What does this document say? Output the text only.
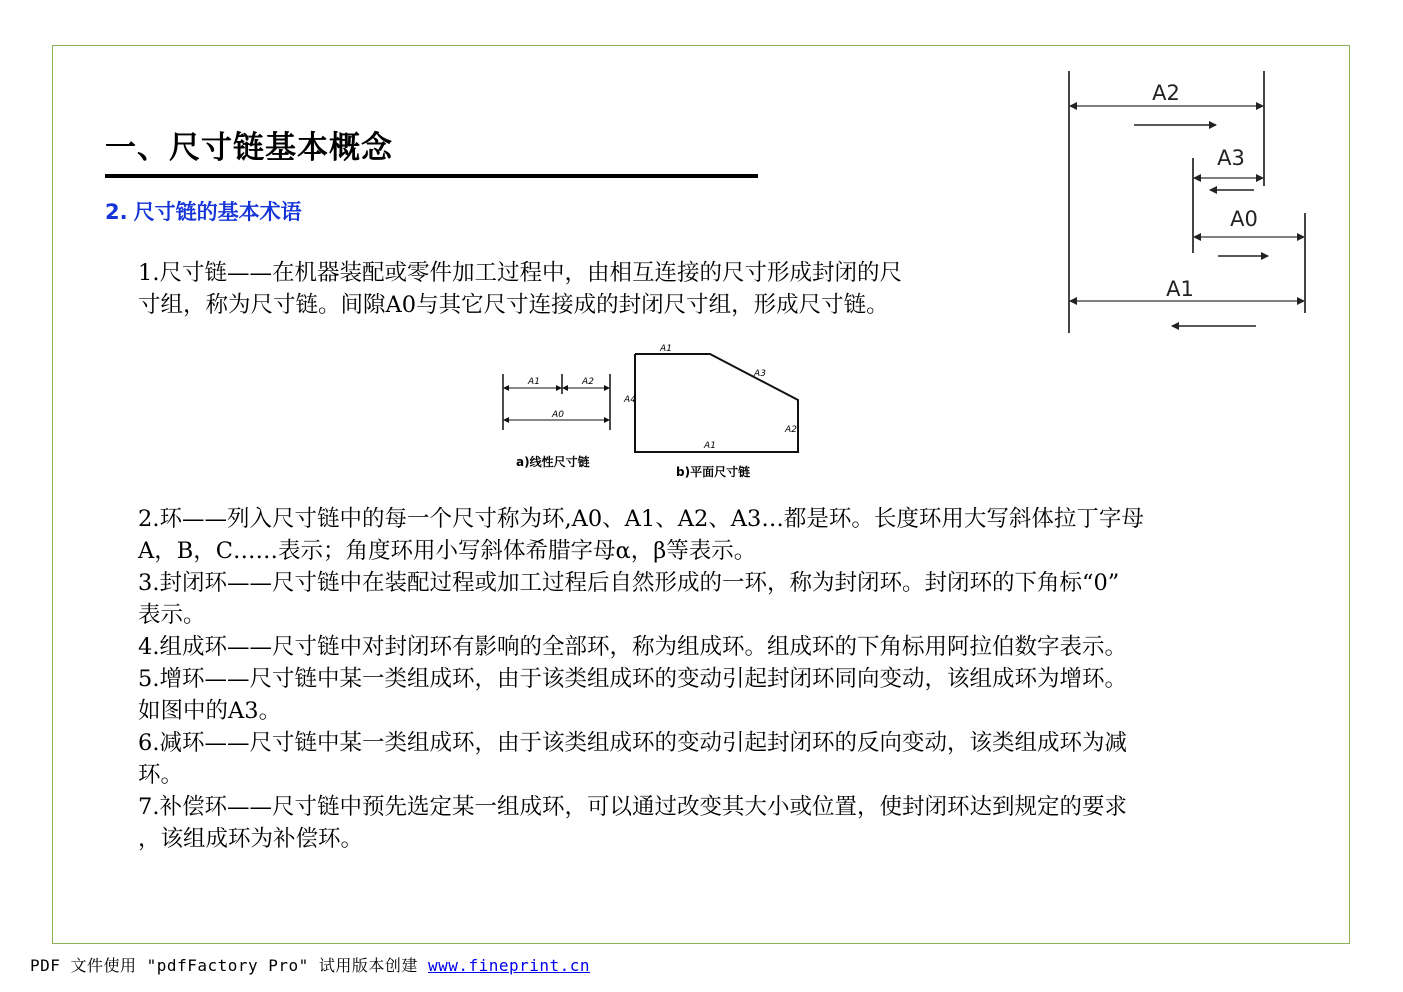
一、尺寸链基本概念
2. 尺寸链的基本术语

1.尺寸链——在机器装配或零件加工过程中，由相互连接的尺寸形成封闭的尺

寸组，称为尺寸链。间隙A0与其它尺寸连接成的封闭尺寸组，形成尺寸链。

A2
A3
A0
A1
A1	A2
A0
a)线性尺寸链
A1
A3
A4
A2
A1
b)平面尺寸链

2.环——列入尺寸链中的每一个尺寸称为环,A0、A1、A2、A3…都是环。长度环用大写斜体拉丁字母

A，B，C……表示；角度环用小写斜体希腊字母α，β等表示。

3.封闭环——尺寸链中在装配过程或加工过程后自然形成的一环，称为封闭环。封闭环的下角标“0”

表示。

4.组成环——尺寸链中对封闭环有影响的全部环，称为组成环。组成环的下角标用阿拉伯数字表示。

5.增环——尺寸链中某一类组成环，由于该类组成环的变动引起封闭环同向变动，该组成环为增环。

如图中的A3。

6.减环——尺寸链中某一类组成环，由于该类组成环的变动引起封闭环的反向变动，该类组成环为减

环。

7.补偿环——尺寸链中预先选定某一组成环，可以通过改变其大小或位置，使封闭环达到规定的要求

，该组成环为补偿环。

PDF 文件使用 "pdfFactory Pro" 试用版本创建 www.fineprint.cn
